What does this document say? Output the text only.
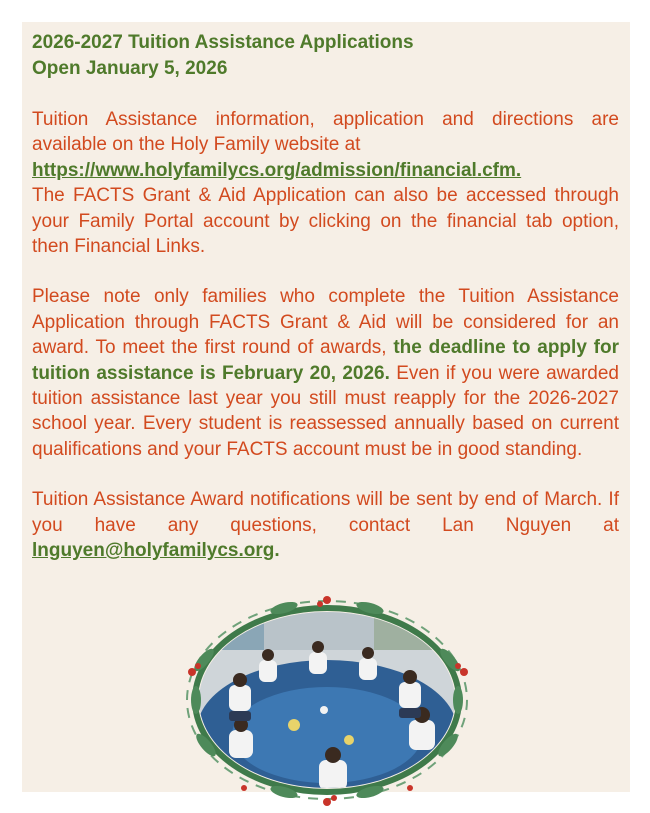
2026-2027 Tuition Assistance Applications

Open January 5, 2026

Tuition Assistance information, application and directions are available on the Holy Family website at
https://www.holyfamilycs.org/admission/financial.cfm.
The FACTS Grant & Aid Application can also be accessed through your Family Portal account by clicking on the financial tab option, then Financial Links.

Please note only families who complete the Tuition Assistance Application through FACTS Grant & Aid will be considered for an award. To meet the first round of awards, the deadline to apply for tuition assistance is February 20, 2026. Even if you were awarded tuition assistance last year you still must reapply for the 2026-2027 school year. Every student is reassessed annually based on current qualifications and your FACTS account must be in good standing.

Tuition Assistance Award notifications will be sent by end of March. If you have any questions, contact Lan Nguyen at lnguyen@holyfamilycs.org.
